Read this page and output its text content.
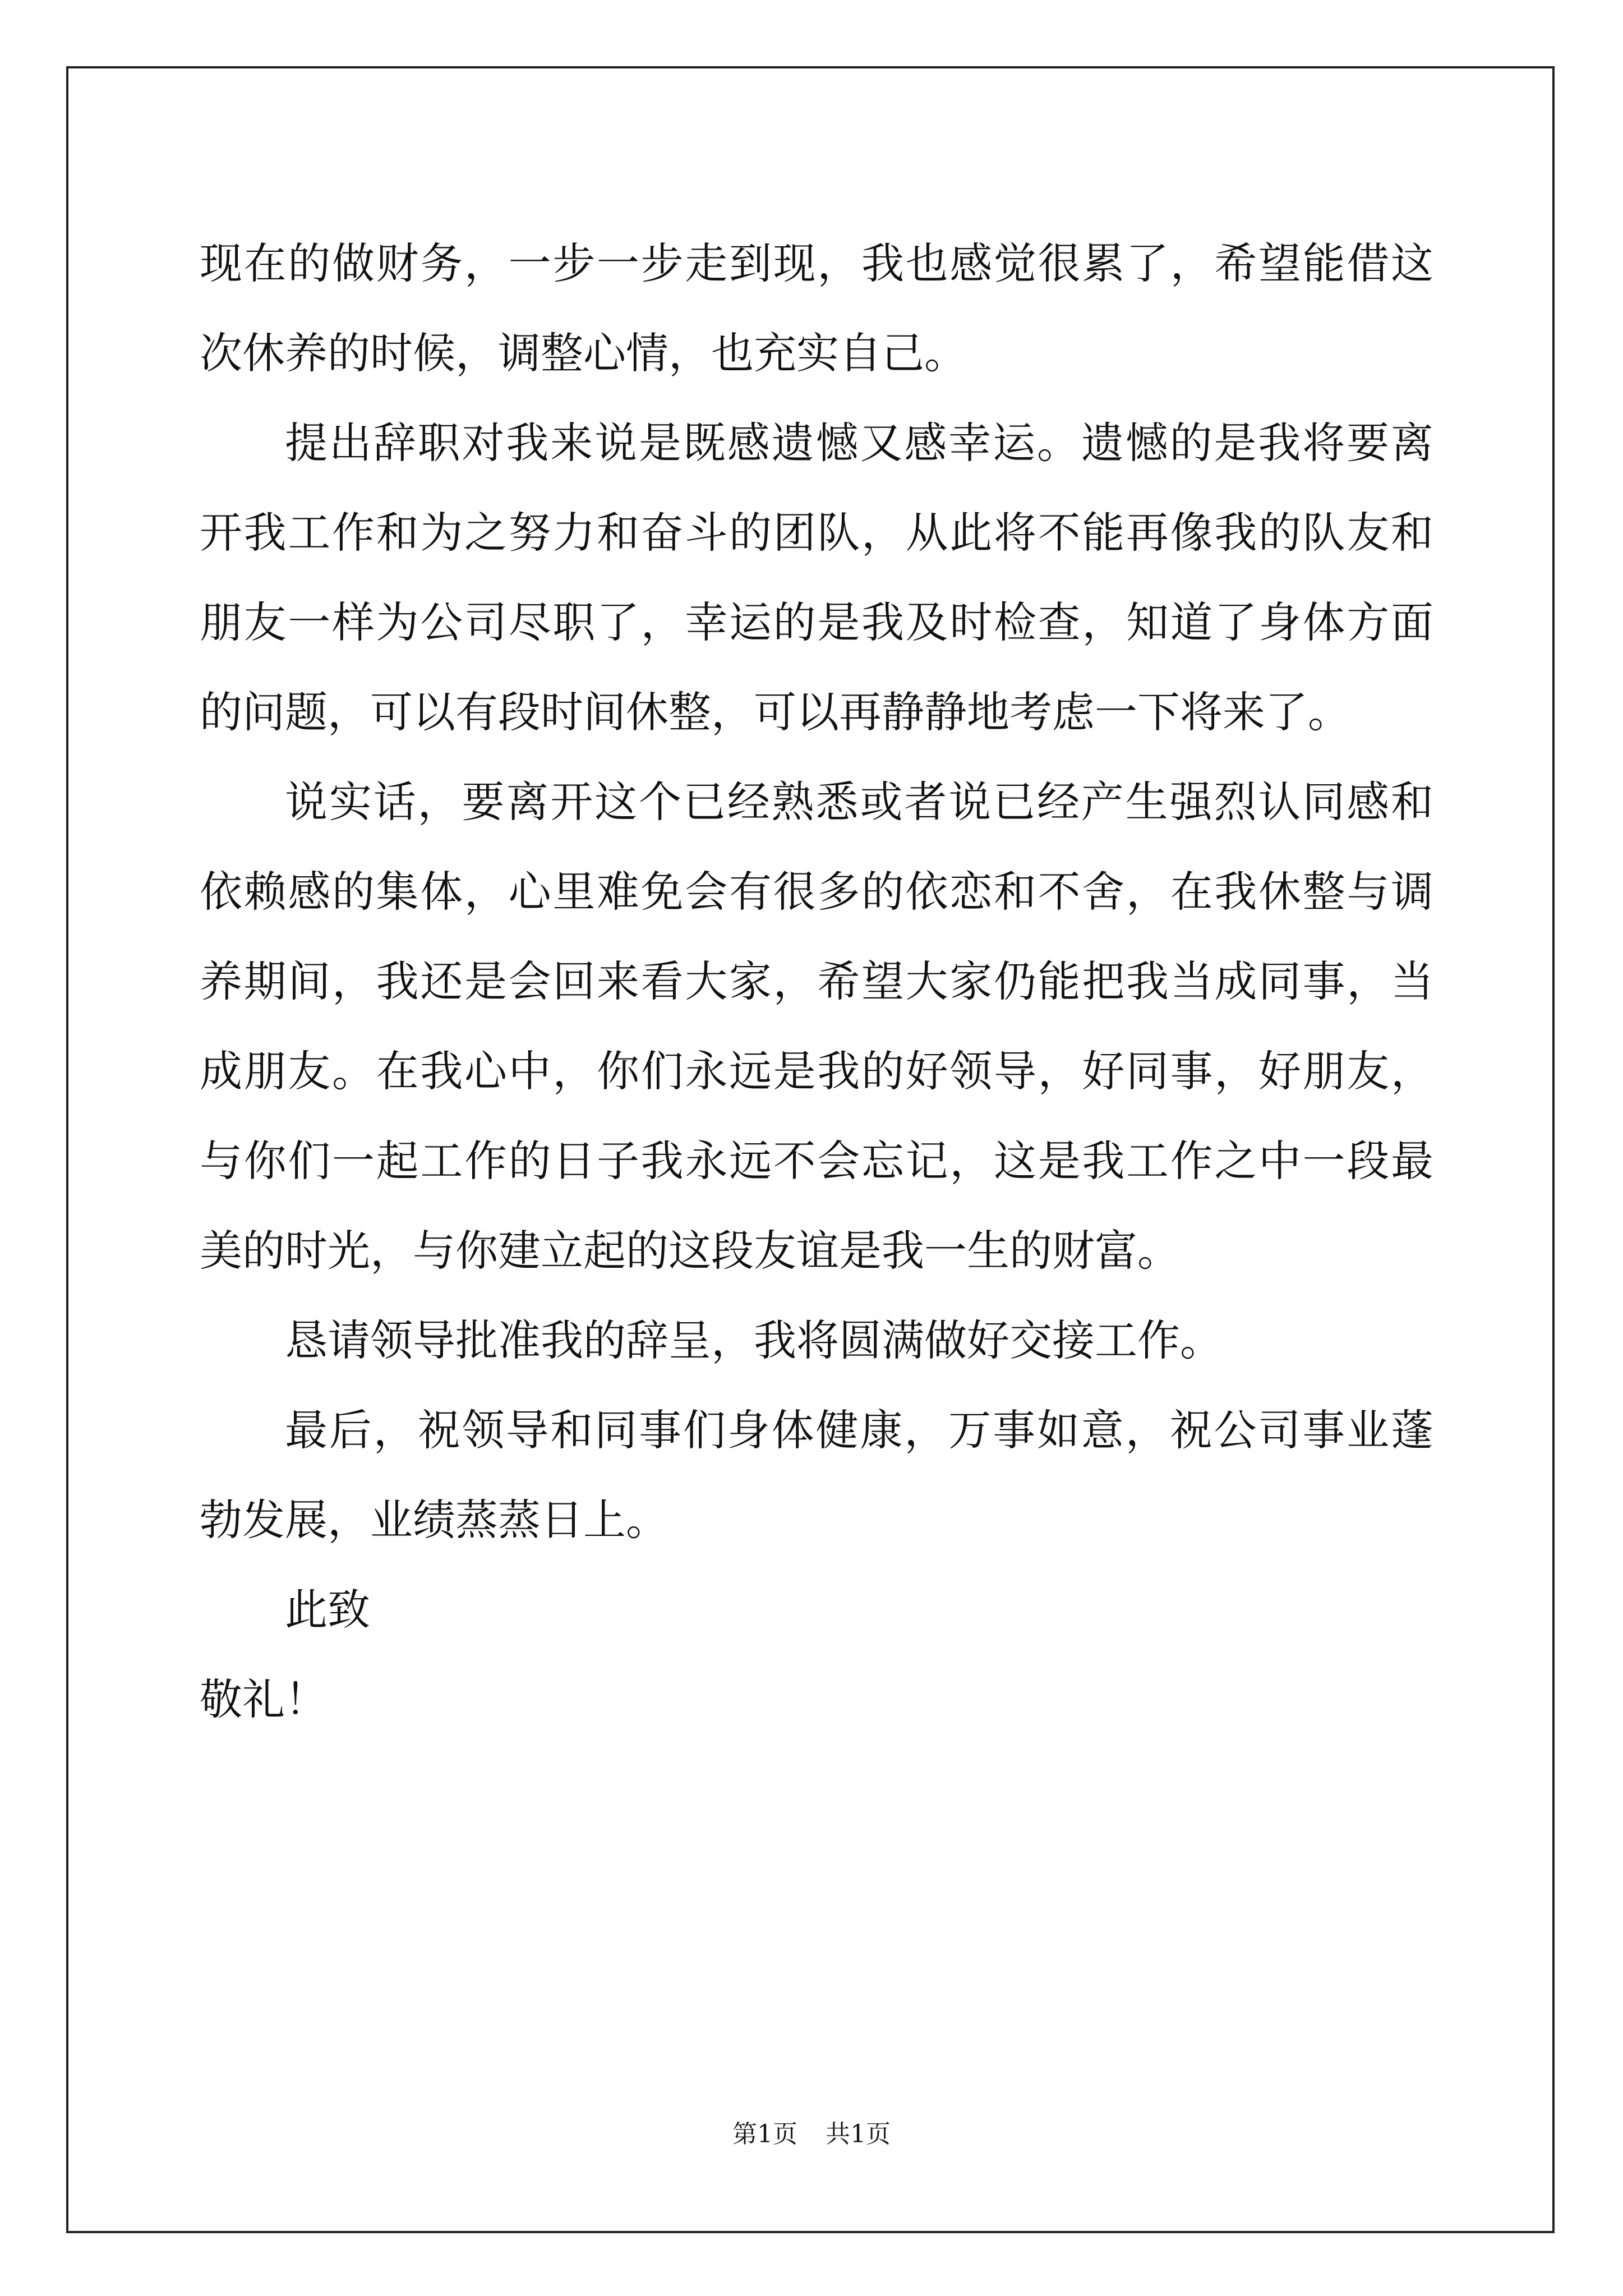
现在的做财务，一步一步走到现，我也感觉很累了，希望能借这次休养的时候，调整心情，也充实自己。

提出辞职对我来说是既感遗憾又感幸运。遗憾的是我将要离开我工作和为之努力和奋斗的团队，从此将不能再像我的队友和朋友一样为公司尽职了，幸运的是我及时检查，知道了身体方面的问题，可以有段时间休整，可以再静静地考虑一下将来了。

说实话，要离开这个已经熟悉或者说已经产生强烈认同感和依赖感的集体，心里难免会有很多的依恋和不舍，在我休整与调养期间，我还是会回来看大家，希望大家仍能把我当成同事，当成朋友。在我心中，你们永远是我的好领导，好同事，好朋友，与你们一起工作的日子我永远不会忘记，这是我工作之中一段最美的时光，与你建立起的这段友谊是我一生的财富。

恳请领导批准我的辞呈，我将圆满做好交接工作。

最后，祝领导和同事们身体健康，万事如意，祝公司事业蓬勃发展，业绩蒸蒸日上。

此致

敬礼！

第1页 共1页
